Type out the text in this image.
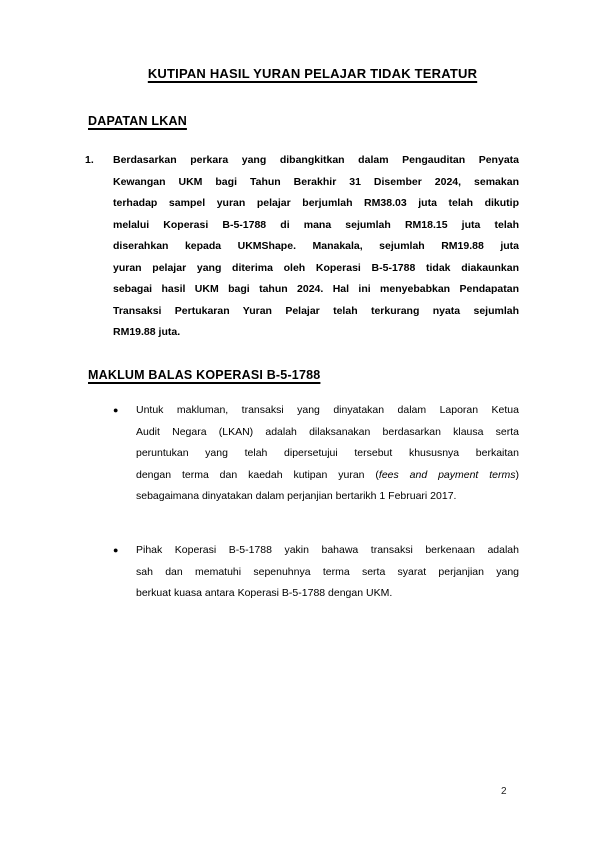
KUTIPAN HASIL YURAN PELAJAR TIDAK TERATUR
DAPATAN LKAN
1. Berdasarkan perkara yang dibangkitkan dalam Pengauditan Penyata
Kewangan UKM bagi Tahun Berakhir 31 Disember 2024, semakan
terhadap sampel yuran pelajar berjumlah RM38.03 juta telah dikutip
melalui Koperasi B-5-1788 di mana sejumlah RM18.15 juta telah
diserahkan kepada UKMShape. Manakala, sejumlah RM19.88 juta
yuran pelajar yang diterima oleh Koperasi B-5-1788 tidak diakaunkan
sebagai hasil UKM bagi tahun 2024. Hal ini menyebabkan Pendapatan
Transaksi Pertukaran Yuran Pelajar telah terkurang nyata sejumlah
RM19.88 juta.
MAKLUM BALAS KOPERASI B-5-1788
● Untuk makluman, transaksi yang dinyatakan dalam Laporan Ketua
Audit Negara (LKAN) adalah dilaksanakan berdasarkan klausa serta
peruntukan yang telah dipersetujui tersebut khususnya berkaitan
dengan terma dan kaedah kutipan yuran (fees and payment terms)
sebagaimana dinyatakan dalam perjanjian bertarikh 1 Februari 2017.
● Pihak Koperasi B-5-1788 yakin bahawa transaksi berkenaan adalah
sah dan mematuhi sepenuhnya terma serta syarat perjanjian yang
berkuat kuasa antara Koperasi B-5-1788 dengan UKM.
2
